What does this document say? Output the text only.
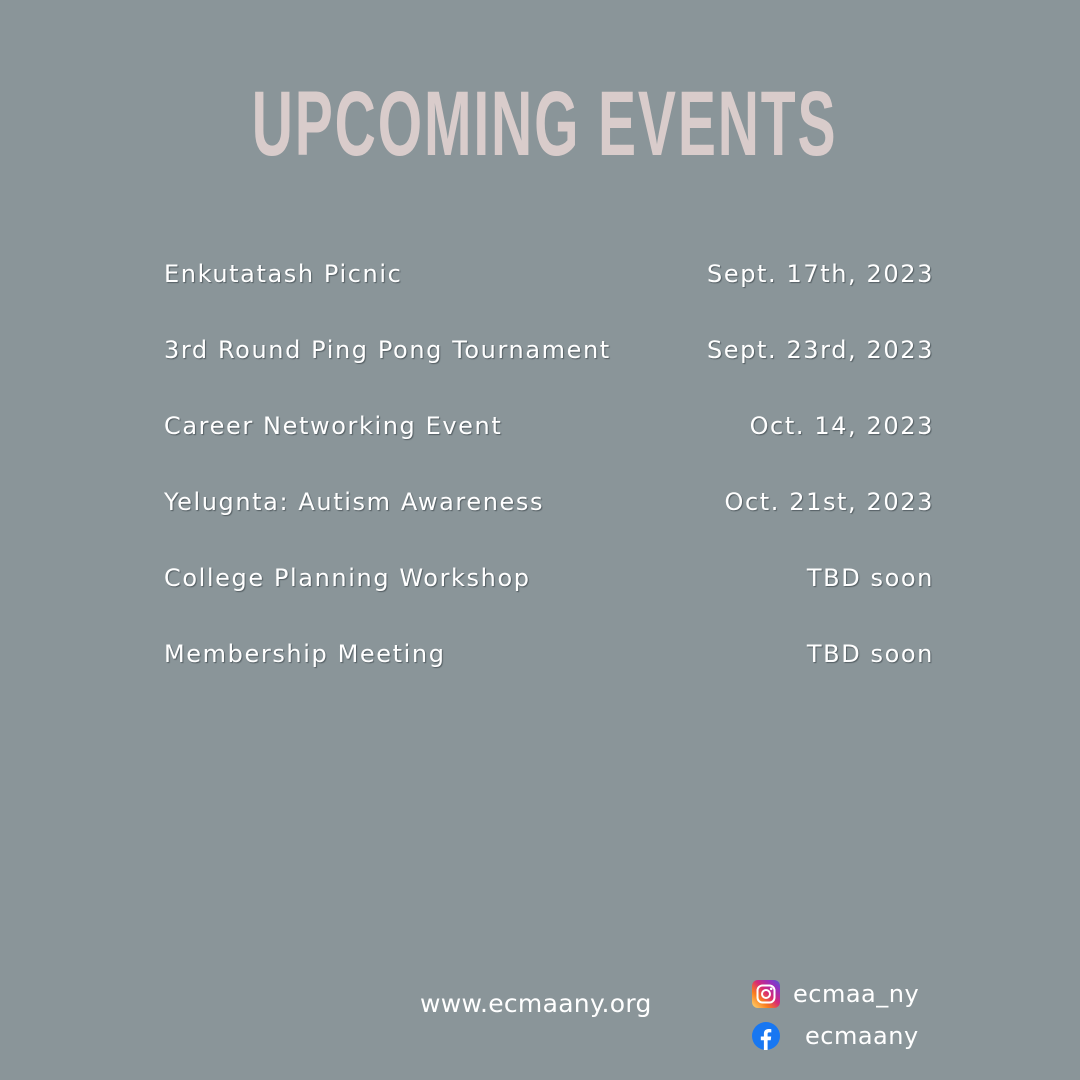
UPCOMING EVENTS
Enkutatash Picnic	Sept. 17th, 2023
3rd Round Ping Pong Tournament	Sept. 23rd, 2023
Career Networking Event	Oct. 14, 2023
Yelugnta: Autism Awareness	Oct. 21st, 2023
College Planning Workshop	TBD soon
Membership Meeting	TBD soon
www.ecmaany.org	ecmaa_ny
ecmaany
